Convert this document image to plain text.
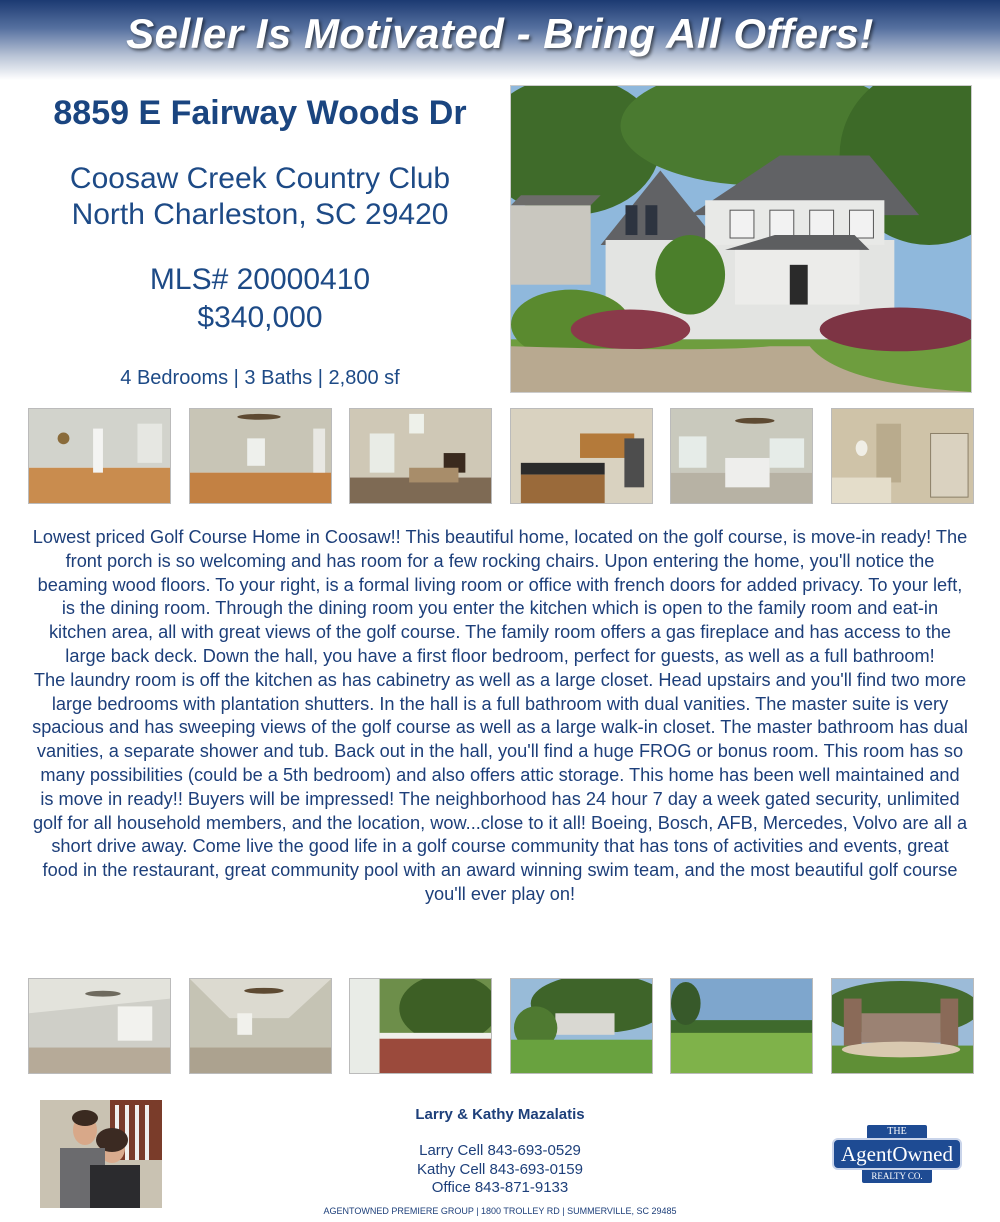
Seller Is Motivated - Bring All Offers!
8859 E Fairway Woods Dr
Coosaw Creek Country Club
North Charleston, SC 29420
MLS# 20000410
$340,000
4 Bedrooms | 3 Baths | 2,800 sf

Lowest priced Golf Course Home in Coosaw!! This beautiful home, located on the golf course, is move-in ready! The front porch is so welcoming and has room for a few rocking chairs. Upon entering the home, you'll notice the beaming wood floors. To your right, is a formal living room or office with french doors for added privacy. To your left, is the dining room. Through the dining room you enter the kitchen which is open to the family room and eat-in kitchen area, all with great views of the golf course. The family room offers a gas fireplace and has access to the large back deck. Down the hall, you have a first floor bedroom, perfect for guests, as well as a full bathroom!

The laundry room is off the kitchen as has cabinetry as well as a large closet. Head upstairs and you'll find two more large bedrooms with plantation shutters. In the hall is a full bathroom with dual vanities. The master suite is very spacious and has sweeping views of the golf course as well as a large walk-in closet. The master bathroom has dual vanities, a separate shower and tub. Back out in the hall, you'll find a huge FROG or bonus room. This room has so many possibilities (could be a 5th bedroom) and also offers attic storage. This home has been well maintained and is move in ready!! Buyers will be impressed! The neighborhood has 24 hour 7 day a week gated security, unlimited golf for all household members, and the location, wow...close to it all! Boeing, Bosch, AFB, Mercedes, Volvo are all a short drive away. Come live the good life in a golf course community that has tons of activities and events, great food in the restaurant, great community pool with an award winning swim team, and the most beautiful golf course you'll ever play on!

Larry & Kathy Mazalatis
Larry Cell 843-693-0529
Kathy Cell 843-693-0159
Office 843-871-9133
AGENTOWNED PREMIERE GROUP | 1800 TROLLEY RD | SUMMERVILLE, SC 29485
THE
AgentOwned
REALTY CO.
